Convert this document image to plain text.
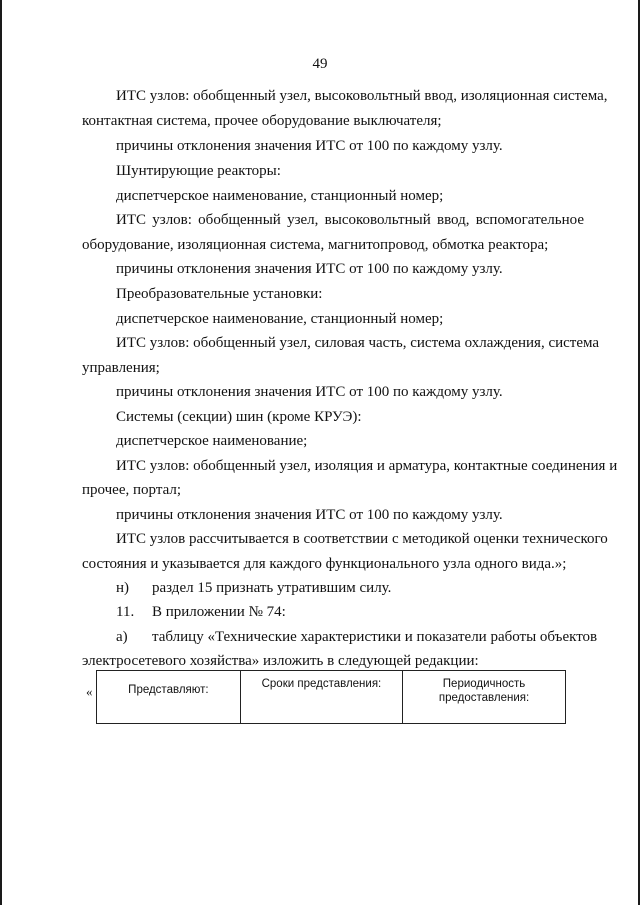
49
ИТС узлов: обобщенный узел, высоковольтный ввод, изоляционная система,
контактная система, прочее оборудование выключателя;
причины отклонения значения ИТС от 100 по каждому узлу.
Шунтирующие реакторы:
диспетчерское наименование, станционный номер;
ИТС узлов: обобщенный узел, высоковольтный ввод, вспомогательное
оборудование, изоляционная система, магнитопровод, обмотка реактора;
причины отклонения значения ИТС от 100 по каждому узлу.
Преобразовательные установки:
диспетчерское наименование, станционный номер;
ИТС узлов: обобщенный узел, силовая часть, система охлаждения, система
управления;
причины отклонения значения ИТС от 100 по каждому узлу.
Системы (секции) шин (кроме КРУЭ):
диспетчерское наименование;
ИТС узлов: обобщенный узел, изоляция и арматура, контактные соединения и
прочее, портал;
причины отклонения значения ИТС от 100 по каждому узлу.
ИТС узлов рассчитывается в соответствии с методикой оценки технического
состояния и указывается для каждого функционального узла одного вида.»;
н) раздел 15 признать утратившим силу.
11. В приложении № 74:
а) таблицу «Технические характеристики и показатели работы объектов
электросетевого хозяйства» изложить в следующей редакции:
«	Представляют:	Сроки представления:	Периодичность предоставления:
